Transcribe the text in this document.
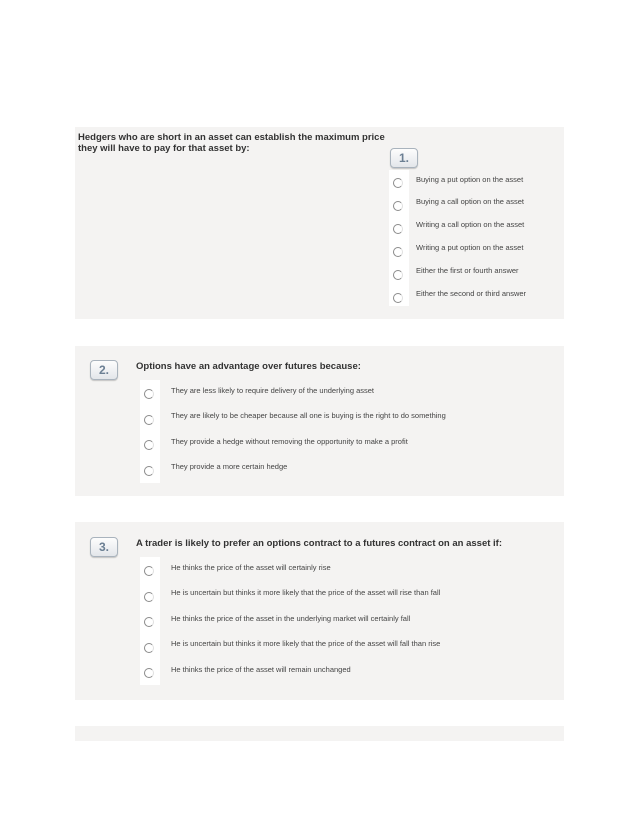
Hedgers who are short in an asset can establish the maximum price they will have to pay for that asset by:
1.
Buying a put option on the asset
Buying a call option on the asset
Writing a call option on the asset
Writing a put option on the asset
Either the first or fourth answer
Either the second or third answer
2.	Options have an advantage over futures because:
They are less likely to require delivery of the underlying asset
They are likely to be cheaper because all one is buying is the right to do something
They provide a hedge without removing the opportunity to make a profit
They provide a more certain hedge
3.	A trader is likely to prefer an options contract to a futures contract on an asset if:
He thinks the price of the asset will certainly rise
He is uncertain but thinks it more likely that the price of the asset will rise than fall
He thinks the price of the asset in the underlying market will certainly fall
He is uncertain but thinks it more likely that the price of the asset will fall than rise
He thinks the price of the asset will remain unchanged
